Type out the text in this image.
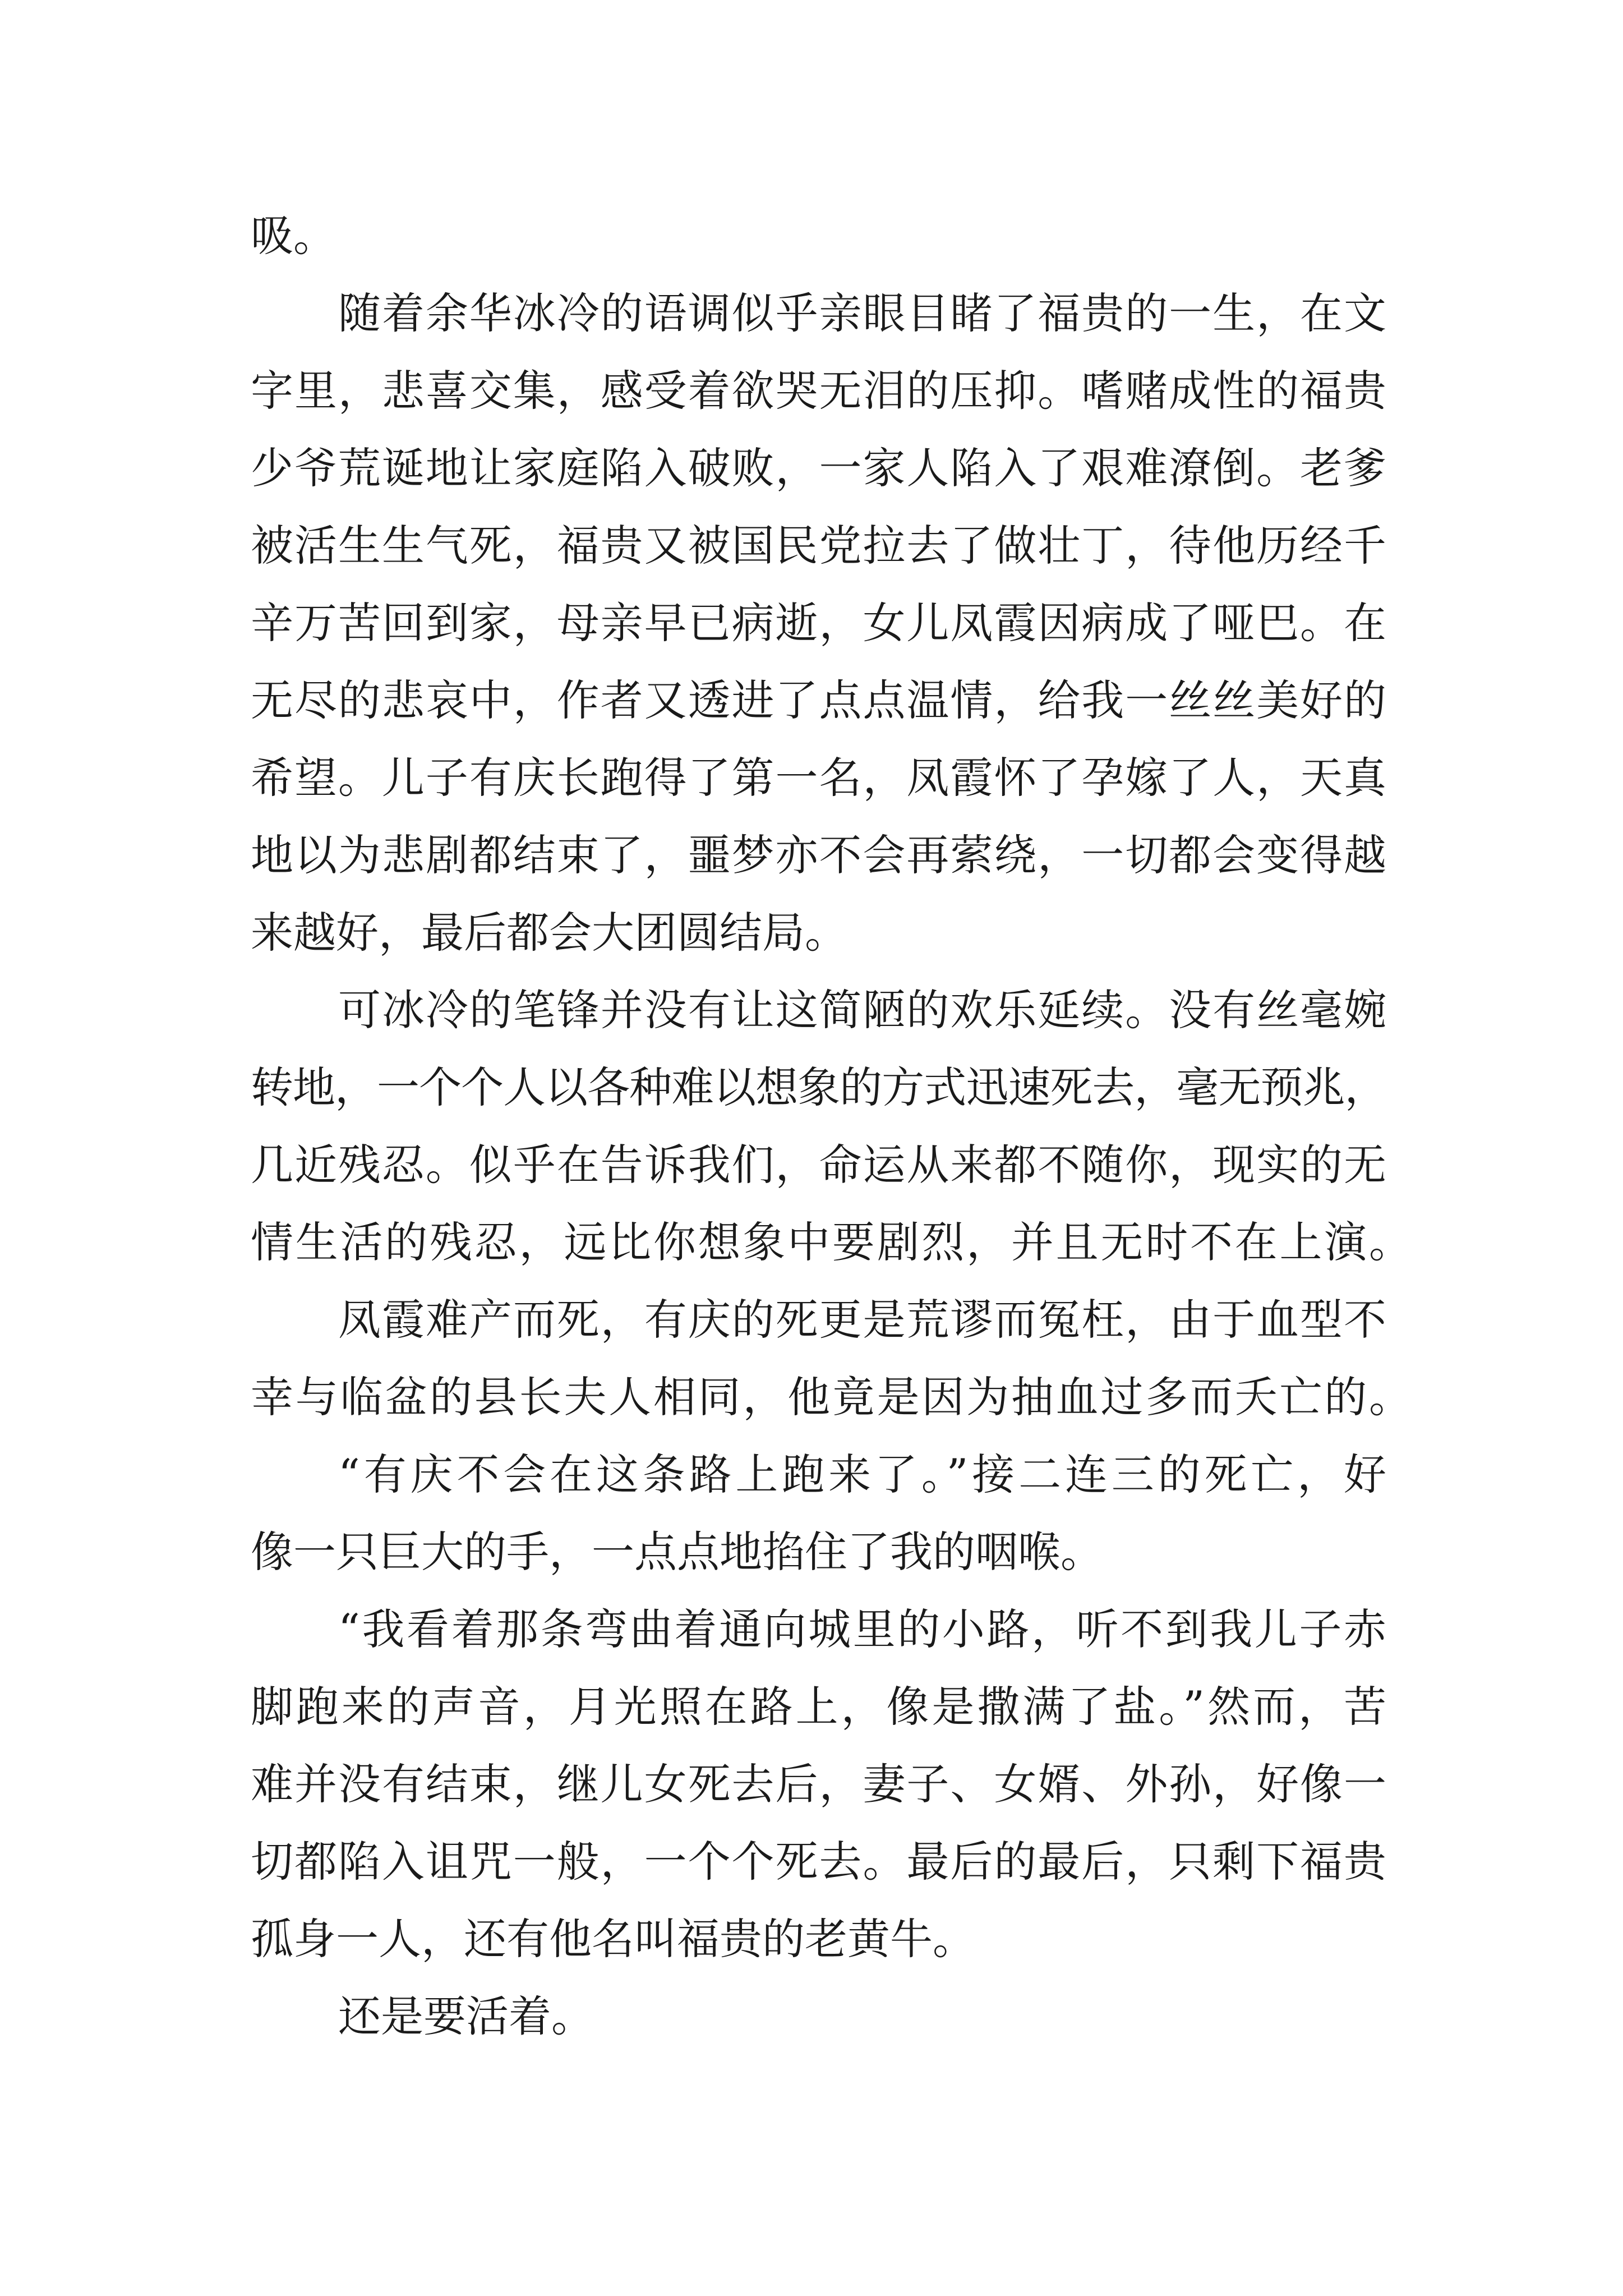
吸。
随着余华冰冷的语调似乎亲眼目睹了福贵的一生，在文
字里，悲喜交集，感受着欲哭无泪的压抑。嗜赌成性的福贵
少爷荒诞地让家庭陷入破败，一家人陷入了艰难潦倒。老爹
被活生生气死，福贵又被国民党拉去了做壮丁，待他历经千
辛万苦回到家，母亲早已病逝，女儿凤霞因病成了哑巴。在
无尽的悲哀中，作者又透进了点点温情，给我一丝丝美好的
希望。儿子有庆长跑得了第一名，凤霞怀了孕嫁了人，天真
地以为悲剧都结束了，噩梦亦不会再萦绕，一切都会变得越
来越好，最后都会大团圆结局。
可冰冷的笔锋并没有让这简陋的欢乐延续。没有丝毫婉
转地，一个个人以各种难以想象的方式迅速死去，毫无预兆，
几近残忍。似乎在告诉我们，命运从来都不随你，现实的无
情生活的残忍，远比你想象中要剧烈，并且无时不在上演。
凤霞难产而死，有庆的死更是荒谬而冤枉，由于血型不
幸与临盆的县长夫人相同，他竟是因为抽血过多而夭亡的。
“有庆不会在这条路上跑来了。”接二连三的死亡，好
像一只巨大的手，一点点地掐住了我的咽喉。
“我看着那条弯曲着通向城里的小路，听不到我儿子赤
脚跑来的声音，月光照在路上，像是撒满了盐。”然而，苦
难并没有结束，继儿女死去后，妻子、女婿、外孙，好像一
切都陷入诅咒一般，一个个死去。最后的最后，只剩下福贵
孤身一人，还有他名叫福贵的老黄牛。
还是要活着。
